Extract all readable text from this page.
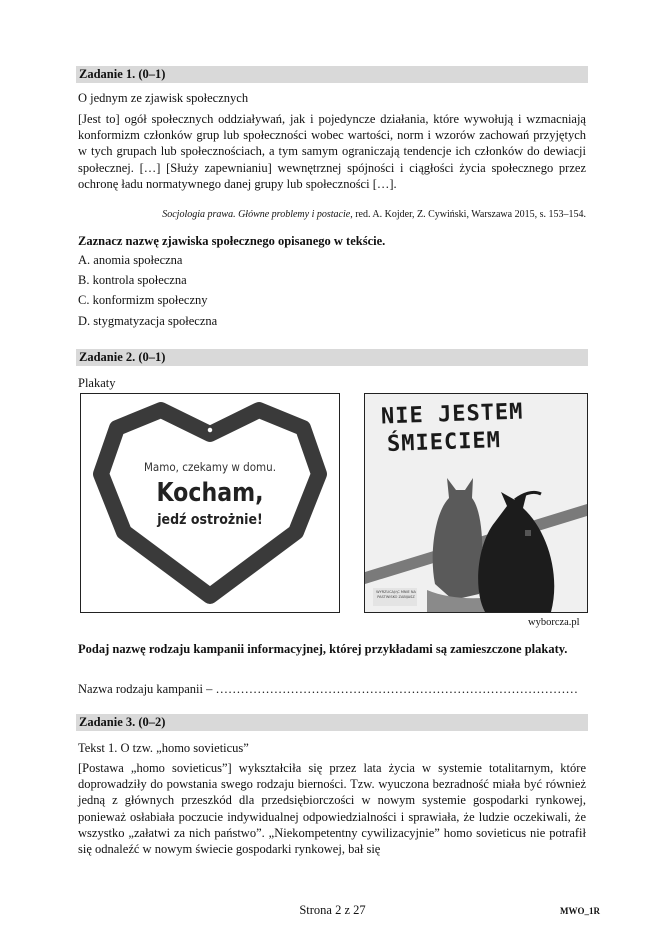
Zadanie 1. (0–1)

O jednym ze zjawisk społecznych

[Jest to] ogół społecznych oddziaływań, jak i pojedyncze działania, które wywołują i wzmacniają konformizm członków grup lub społeczności wobec wartości, norm i wzorów zachowań przyjętych w tych grupach lub społecznościach, a tym samym ograniczają tendencje ich członków do dewiacji społecznej. […] [Służy zapewnianiu] wewnętrznej spójności i ciągłości życia społecznego przez ochronę ładu normatywnego danej grupy lub społeczności […].

Socjologia prawa. Główne problemy i postacie, red. A. Kojder, Z. Cywiński, Warszawa 2015, s. 153–154.

Zaznacz nazwę zjawiska społecznego opisanego w tekście.

A. anomia społeczna
B. kontrola społeczna
C. konformizm społeczny
D. stygmatyzacja społeczna
Zadanie 2. (0–1)

Plakaty

Mamo, czekamy w domu.
Kocham,
jedź ostrożnie!
NIE JESTEM
ŚMIECIEM
WYRZUCAJĄC MNIE NA PASTWISKO ZABIJASZ
wyborcza.pl

Podaj nazwę rodzaju kampanii informacyjnej, której przykładami są zamieszczone plakaty.

Nazwa rodzaju kampanii – ……………………………………………………………………………

Zadanie 3. (0–2)

Tekst 1. O tzw. „homo sovieticus”

[Postawa „homo sovieticus”] wykształciła się przez lata życia w systemie totalitarnym, które doprowadziły do powstania swego rodzaju bierności. Tzw. wyuczona bezradność miała być również jedną z głównych przeszkód dla przedsiębiorczości w nowym systemie gospodarki rynkowej, ponieważ osłabiała poczucie indywidualnej odpowiedzialności i sprawiała, że ludzie oczekiwali, że wszystko „załatwi za nich państwo”. „Niekompetentny cywilizacyjnie” homo sovieticus nie potrafił się odnaleźć w nowym świecie gospodarki rynkowej, bał się

Strona 2 z 27	MWO_1R
